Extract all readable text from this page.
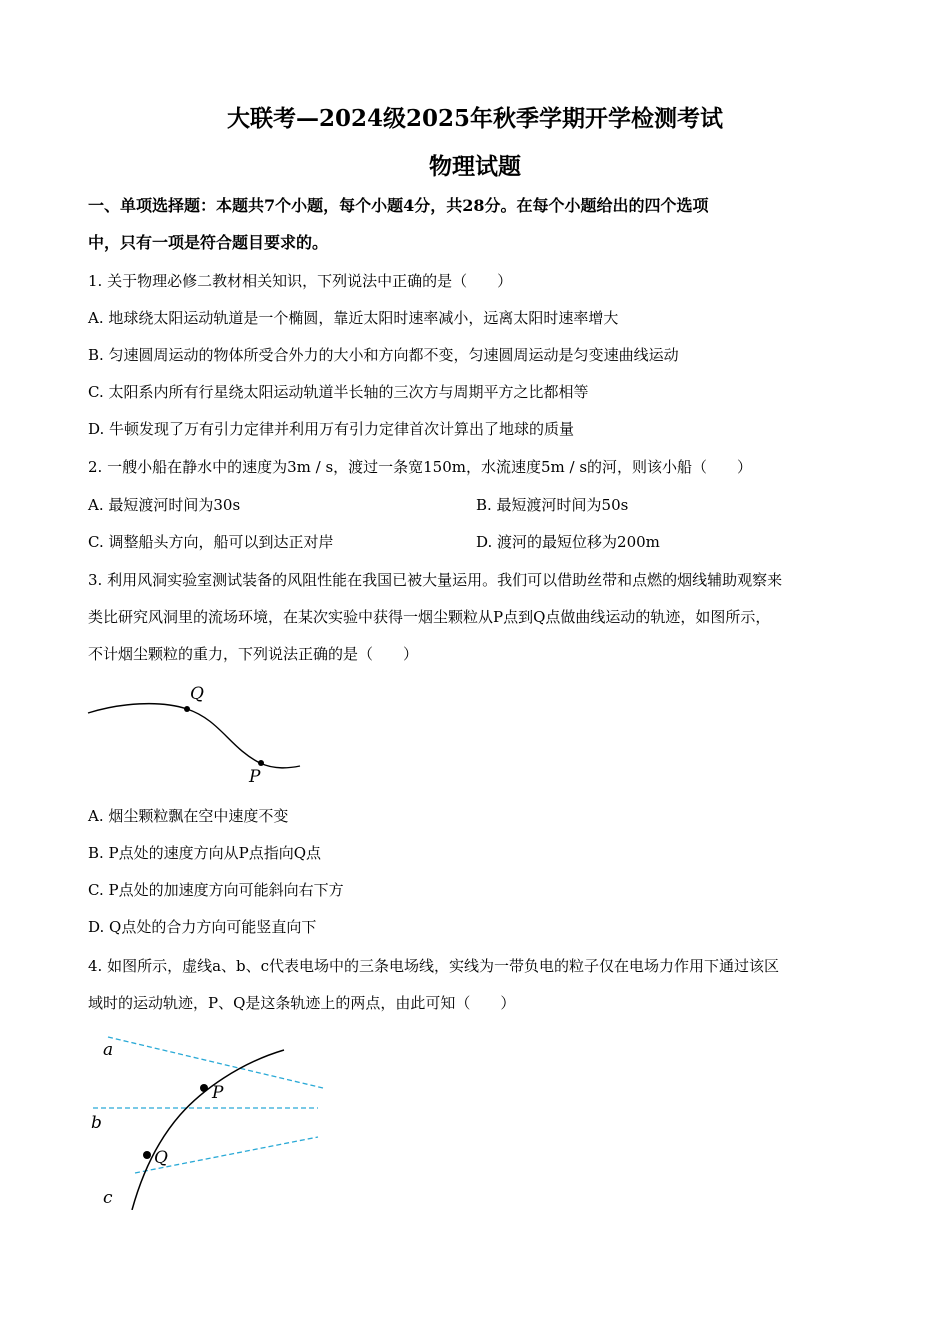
大联考—2024级2025年秋季学期开学检测考试
物理试题
一、单项选择题：本题共7个小题，每个小题4分，共28分。在每个小题给出的四个选项
中，只有一项是符合题目要求的。
1. 关于物理必修二教材相关知识，下列说法中正确的是（　　）
A. 地球绕太阳运动轨道是一个椭圆，靠近太阳时速率减小，远离太阳时速率增大
B. 匀速圆周运动的物体所受合外力的大小和方向都不变，匀速圆周运动是匀变速曲线运动
C. 太阳系内所有行星绕太阳运动轨道半长轴的三次方与周期平方之比都相等
D. 牛顿发现了万有引力定律并利用万有引力定律首次计算出了地球的质量
2. 一艘小船在静水中的速度为3m / s，渡过一条宽150m，水流速度5m / s的河，则该小船（　　）
A. 最短渡河时间为30s	B. 最短渡河时间为50s
C. 调整船头方向，船可以到达正对岸	D. 渡河的最短位移为200m
3. 利用风洞实验室测试装备的风阻性能在我国已被大量运用。我们可以借助丝带和点燃的烟线辅助观察来
类比研究风洞里的流场环境，在某次实验中获得一烟尘颗粒从P点到Q点做曲线运动的轨迹，如图所示，
不计烟尘颗粒的重力，下列说法正确的是（　　）
Q
P
A. 烟尘颗粒飘在空中速度不变
B. P点处的速度方向从P点指向Q点
C. P点处的加速度方向可能斜向右下方
D. Q点处的合力方向可能竖直向下
4. 如图所示，虚线a、b、c代表电场中的三条电场线，实线为一带负电的粒子仅在电场力作用下通过该区
域时的运动轨迹，P、Q是这条轨迹上的两点，由此可知（　　）
a
b
c
P
Q
